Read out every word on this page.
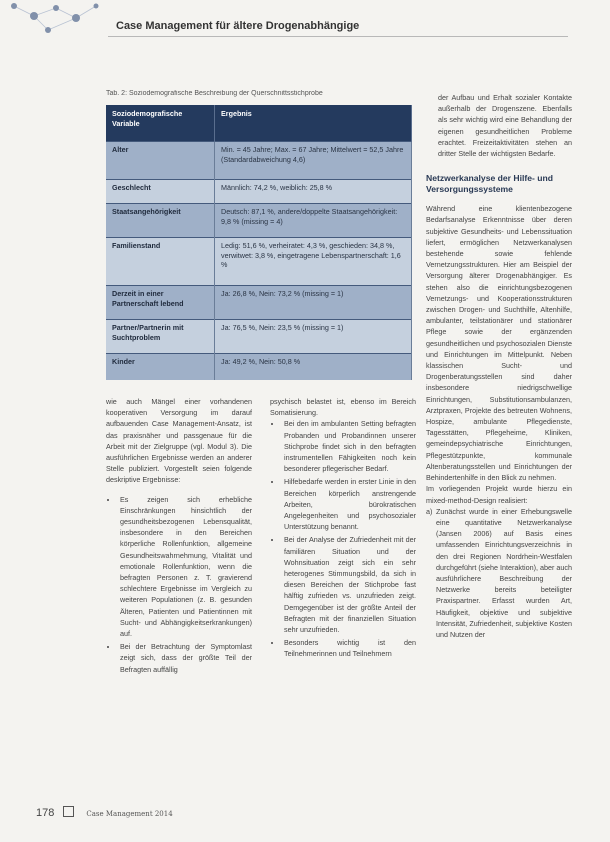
Case Management für ältere Drogenabhängige
Tab. 2: Soziodemografische Beschreibung der Querschnittsstichprobe
Soziodemografische Variable	Ergebnis
Alter	Min. = 45 Jahre; Max. = 67 Jahre; Mittelwert = 52,5 Jahre (Standardabweichung 4,6)
Geschlecht	Männlich: 74,2 %, weiblich: 25,8 %
Staatsangehörigkeit	Deutsch: 87,1 %, andere/doppelte Staatsangehörigkeit: 9,8 % (missing = 4)
Familienstand	Ledig: 51,6 %, verheiratet: 4,3 %, geschieden: 34,8 %, verwitwet: 3,8 %, eingetragene Lebenspartnerschaft: 1,6 %
Derzeit in einer Partnerschaft lebend	Ja: 26,8 %, Nein: 73,2 % (missing = 1)
Partner/Partnerin mit Suchtproblem	Ja: 76,5 %, Nein: 23,5 % (missing = 1)
Kinder	Ja: 49,2 %, Nein: 50,8 %

wie auch Mängel einer vorhandenen kooperativen Versorgung im darauf aufbauenden Case Management-Ansatz, ist das praxisnäher und passgenaue für die Arbeit mit der Zielgruppe (vgl. Modul 3). Die ausführlichen Ergebnisse werden an anderer Stelle publiziert. Vorgestellt seien folgende deskriptive Ergebnisse:

• Es zeigen sich erhebliche Einschränkungen hinsichtlich der gesundheitsbezogenen Lebensqualität, insbesondere in den Bereichen körperliche Rollenfunktion, allgemeine Gesundheitswahrnehmung, Vitalität und emotionale Rollenfunktion, wenn die befragten Personen z. T. gravierend schlechtere Ergebnisse im Vergleich zu weiteren Populationen (z. B. gesunden Älteren, Patienten und Patientinnen mit Sucht- und Abhängigkeitserkrankungen) auf.
• Bei der Betrachtung der Symptomlast zeigt sich, dass der größte Teil der Befragten auffällig

psychisch belastet ist, ebenso im Bereich Somatisierung.

• Bei den im ambulanten Setting befragten Probanden und Probandinnen unserer Stichprobe findet sich in den befragten instrumentellen Fähigkeiten noch kein besonderer pflegerischer Bedarf.
• Hilfebedarfe werden in erster Linie in den Bereichen körperlich anstrengende Arbeiten, bürokratischen Angelegenheiten und psychosozialer Unterstützung benannt.
• Bei der Analyse der Zufriedenheit mit der familiären Situation und der Wohnsituation zeigt sich ein sehr heterogenes Stimmungsbild, da sich in diesen Bereichen der Stichprobe fast hälftig zufrieden vs. unzufrieden zeigt. Demgegenüber ist der größte Anteil der Befragten mit der finanziellen Situation sehr unzufrieden.
• Besonders wichtig ist den Teilnehmerinnen und Teilnehmern

der Aufbau und Erhalt sozialer Kontakte außerhalb der Drogenszene. Ebenfalls als sehr wichtig wird eine Behandlung der eigenen gesundheitlichen Probleme erachtet. Freizeitaktivitäten stehen an dritter Stelle der wichtigsten Bedarfe.

Netzwerkanalyse der Hilfe- und Versorgungssysteme

Während eine klientenbezogene Bedarfsanalyse Erkenntnisse über deren subjektive Gesundheits- und Lebenssituation liefert, ermöglichen Netzwerkanalysen bestehende sowie fehlende Vernetzungsstrukturen. Hier am Beispiel der Versorgung älterer Drogenabhängiger. Es stehen also die einrichtungsbezogenen Vernetzungs- und Kooperationsstrukturen zwischen Drogen- und Suchthilfe, Altenhilfe, ambulanter, teilstationärer und stationärer Pflege sowie der ergänzenden gesundheitlichen und psychosozialen Dienste und Einrichtungen im Mittelpunkt. Neben klassischen Sucht- und Drogenberatungsstellen sind daher insbesondere niedrigschwellige Einrichtungen, Substitutionsambulanzen, Arztpraxen, Projekte des betreuten Wohnens, Hospize, ambulante Pflegedienste, Tagesstätten, Pflegeheime, Kliniken, gemeindepsychiatrische Einrichtungen, Pflegestützpunkte, kommunale Altenberatungsstellen und Einrichtungen der Behindertenhilfe in den Blick zu nehmen.

Im vorliegenden Projekt wurde hierzu ein mixed-method-Design realisiert:

a) Zunächst wurde in einer Erhebungswelle eine quantitative Netzwerkanalyse (Jansen 2006) auf Basis eines umfassenden Einrichtungsverzeichnis in den drei Regionen Nordrhein-Westfalen durchgeführt (siehe Interaktion), aber auch ausführlichere Beschreibung der Netzwerke bereits beteiligter Praxispartner. Erfasst wurden Art, Häufigkeit, objektive und subjektive Intensität, Zufriedenheit, subjektive Kosten und Nutzen der
178	Case Management 2014
